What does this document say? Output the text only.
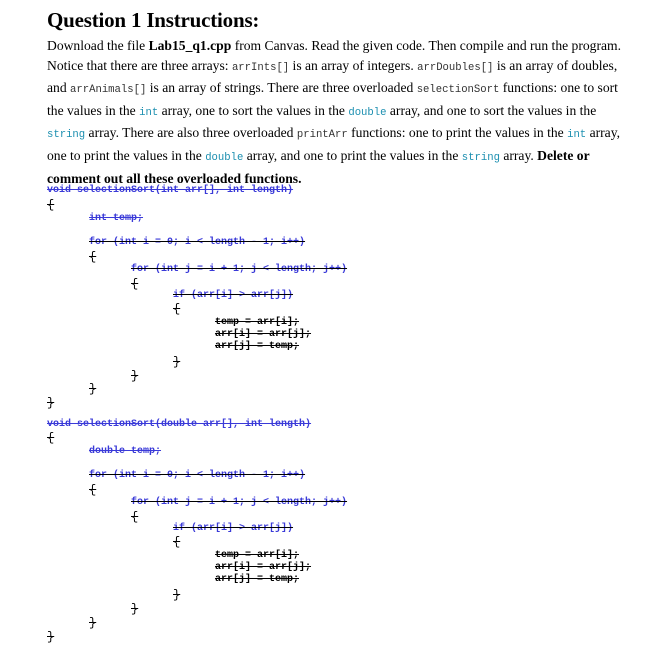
Question 1 Instructions:

Download the file Lab15_q1.cpp from Canvas. Read the given code. Then compile and run the program. Notice that there are three arrays: arrInts[] is an array of integers. arrDoubles[] is an array of doubles, and arrAnimals[] is an array of strings. There are three overloaded selectionSort functions: one to sort the values in the int array, one to sort the values in the double array, and one to sort the values in the string array. There are also three overloaded printArr functions: one to print the values in the int array, one to print the values in the double array, and one to print the values in the string array. Delete or comment out all these overloaded functions.

void selectionSort(int arr[], int length)
{
int temp;
for (int i = 0; i < length - 1; i++)
{
for (int j = i + 1; j < length; j++)
{
if (arr[i] > arr[j])
{
temp = arr[i];
arr[i] = arr[j];
arr[j] = temp;
}
}
}
}
void selectionSort(double arr[], int length)
{
double temp;
for (int i = 0; i < length - 1; i++)
{
for (int j = i + 1; j < length; j++)
{
if (arr[i] > arr[j])
{
temp = arr[i];
arr[i] = arr[j];
arr[j] = temp;
}
}
}
}
